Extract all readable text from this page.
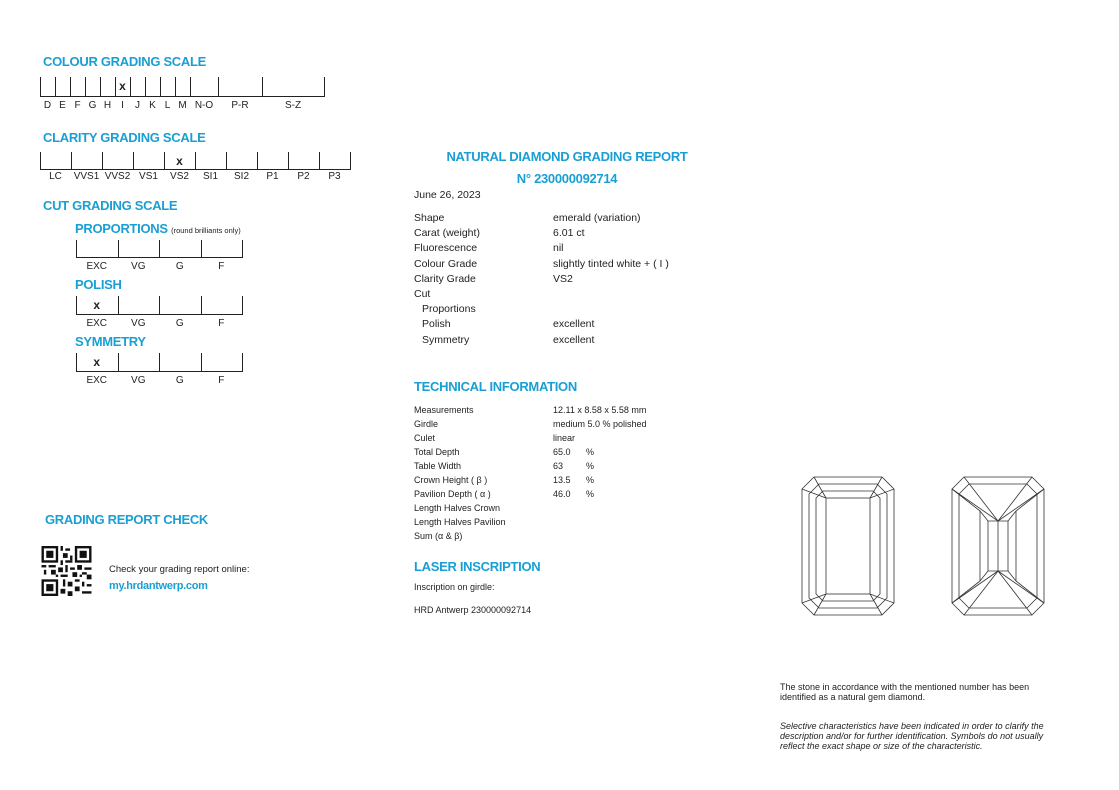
COLOUR GRADING SCALE
D E F G H I
x
J K L M N-O P-R	S-Z
CLARITY GRADING SCALE
LC VVS1 VVS2 VS1 VS2
x
SI1 SI2 P1 P2 P3
CUT GRADING SCALE
PROPORTIONS (round brilliants only)
EXC VG	G	F
POLISH
EXC
x
VG	G	F
SYMMETRY
EXC
x
VG	G	F
GRADING REPORT CHECK
Check your grading report online:
my.hrdantwerp.com
NATURAL DIAMOND GRADING REPORT
N° 230000092714
June 26, 2023
Shape	emerald (variation)
Carat (weight)	6.01 ct
Fluorescence	nil
Colour Grade	slightly tinted white + ( I )
Clarity Grade	VS2
Cut
Proportions
Polish	excellent
Symmetry	excellent
TECHNICAL INFORMATION
Measurements	12.11 x 8.58 x 5.58 mm
Girdle	medium 5.0 % polished
Culet	linear
Total Depth	65.0 %
Table Width	63	%
Crown Height ( β )	13.5 %
Pavilion Depth ( α )	46.0 %
Length Halves Crown
Length Halves Pavilion
Sum (α & β)
LASER INSCRIPTION
Inscription on girdle:
HRD Antwerp 230000092714
The stone in accordance with the mentioned number has been identified as a natural gem diamond.
Selective characteristics have been indicated in order to clarify the description and/or for further identification. Symbols do not usually reflect the exact shape or size of the characteristic.
